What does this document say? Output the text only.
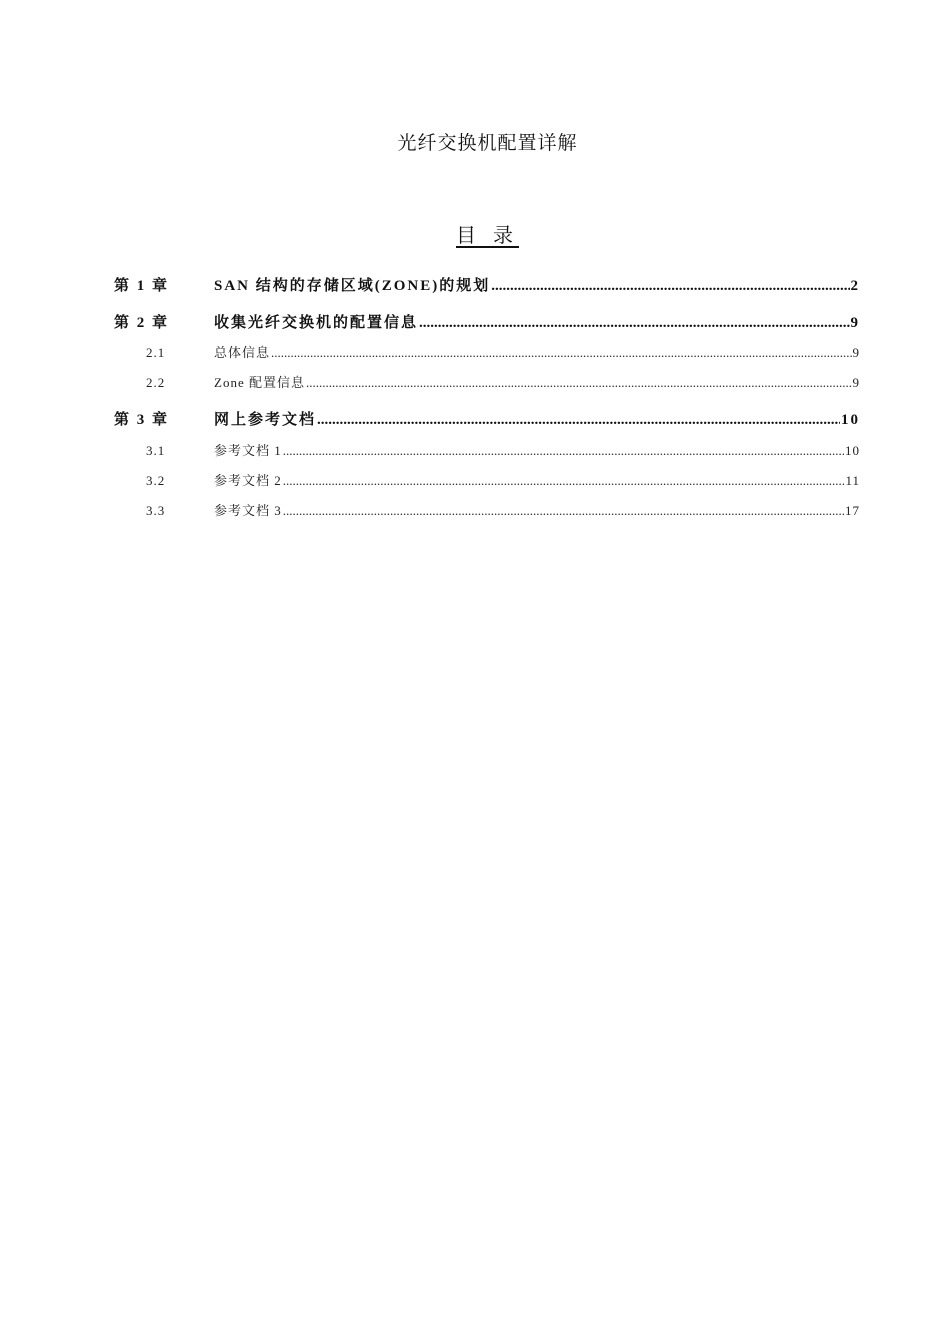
光纤交换机配置详解
目 录
第 1 章	SAN 结构的存储区域(ZONE)的规划 .....	2
第 2 章	收集光纤交换机的配置信息 .....	9
2.1	总体信息 .....	9
2.2	Zone 配置信息 .....	9
第 3 章	网上参考文档 .....	10
3.1	参考文档 1 .....	10
3.2	参考文档 2 .....	11
3.3	参考文档 3 .....	17
